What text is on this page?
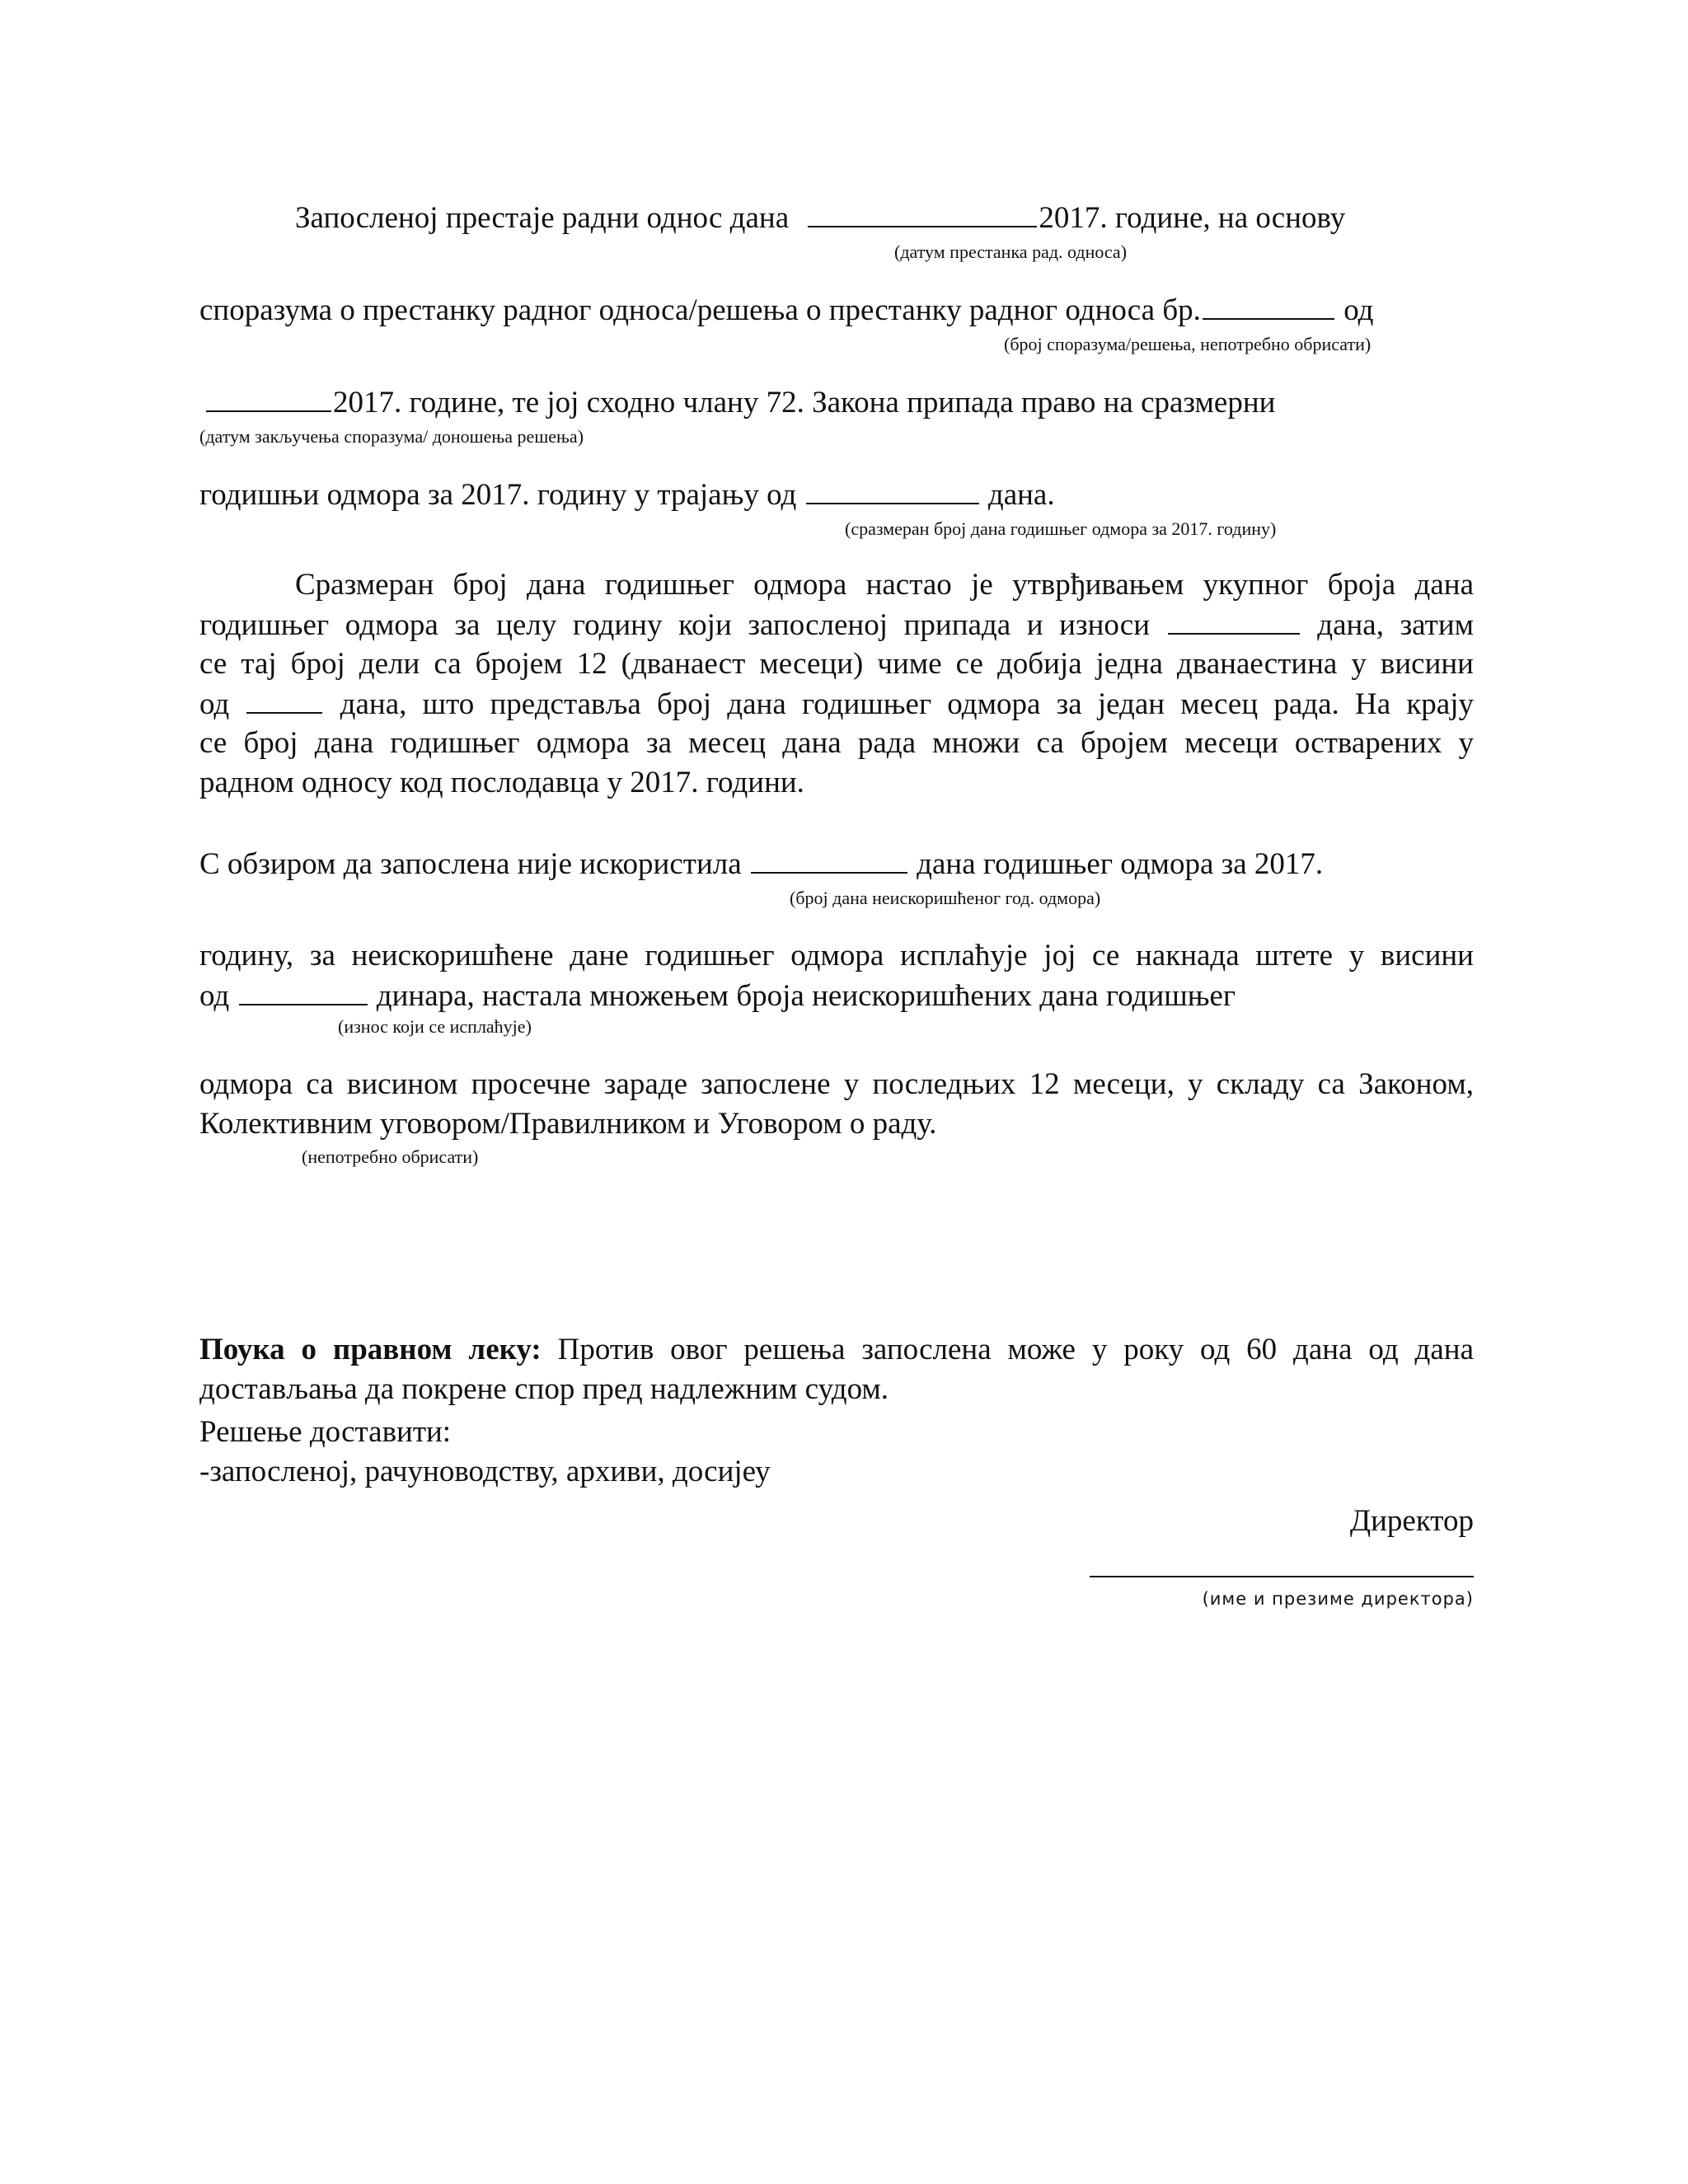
Запосленој престаје радни однос дана	2017. године, на основу
(датум престанка рад. односа)
споразума о престанку радног односа/решења о престанку радног односа бр.	од
(број споразума/решења, непотребно обрисати)
2017. године, те јој сходно члану 72. Закона припада право на сразмерни
(датум закључења споразума/ доношења решења)
годишњи одмора за 2017. годину у трајању од	дана.
(сразмеран број дана годишњег одмора за 2017. годину)
Сразмеран број дана годишњег одмора настао је утврђивањем укупног броја дана
годишњег одмора за целу годину који запосленој припада и износи	дана, затим
се тај број дели са бројем 12 (дванаест месеци) чиме се добија једна дванаестина у висини
од	дана, што представља број дана годишњег одмора за један месец рада. На крају
се број дана годишњег одмора за месец дана рада множи са бројем месеци остварених у
радном односу код послодавца у 2017. години.
С обзиром да запослена није искористила	дана годишњег одмора за 2017.
(број дана неискоришћеног год. одмора)
годину, за неискоришћене дане годишњег одмора исплаћује јој се накнада штете у висини
од	динара, настала множењем броја неискоришћених дана годишњег
(износ који се исплаћује)
одмора са висином просечне зараде запослене у последњих 12 месеци, у складу са Законом,
Колективним уговором/Правилником и Уговором о раду.
(непотребно обрисати)
Поука о правном леку: Против овог решења запослена може у року од 60 дана од дана
достављања да покрене спор пред надлежним судом.
Решење доставити:
-запосленој, рачуноводству, архиви, досијеу
Директор
(име и презиме директора)
